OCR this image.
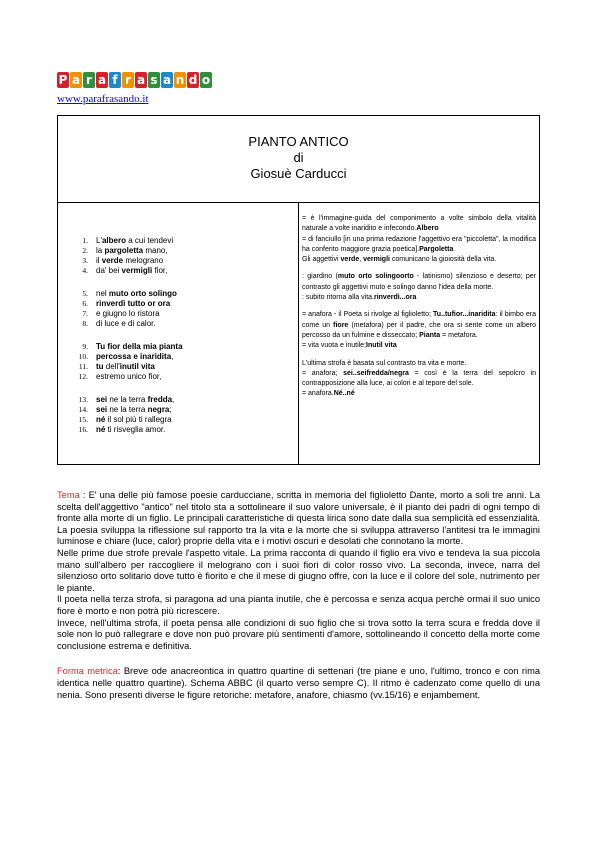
P a r a f r a s a n d o
www.parafrasando.it
PIANTO ANTICO
di
Giosuè Carducci
1.	L'albero a cui tendevi
2.	la pargoletta mano,
3.	il verde melograno
4.	da' bei vermigli fior,
5.	nel muto orto solingo
6.	rinverdì tutto or ora
7.	e giugno lo ristora
8.	di luce e di calor.
9.	Tu fior della mia pianta
10.	percossa e inaridita,
11.	tu dell'inutil vita
12.	estremo unico fior,
13.	sei ne la terra fredda,
14.	sei ne la terra negra;
15.	né il sol più ti rallegra
16.	né ti risveglia amor.

= è l'immagine-guida del componimento a volte simbolo della vitalità naturale a volte inaridito e infecondo.Albero
= di fanciullo [in una prima redazione l'aggettivo era "piccoletta", la modifica ha conferito maggiore grazia poetica].Pargoletta
Gli aggettivi verde, vermigli comunicano la gioiosità della vita.

: giardino (muto orto solingoorto - latinismo) silenzioso e deserto; per contrasto gli aggettivi muto e solingo danno l'idea della morte.
: subito ritorna alla vita.rinverdì...ora

= anafora - il Poeta si rivolge al figlioletto; Tu..tufior...inaridita: il bimbo era come un fiore (metafora) per il padre, che ora si sente come un albero percosso da un fulmine e disseccato; Pianta = metafora.
= vita vuota e inutile;Inutil vita

L'ultima strofa è basata sul contrasto tra vita e morte.
= anafora; sei..seifredda/negra = così è la terra del sepolcro in contrapposizione alla luce, ai colori e al tepore del sole.
= anafora.Né..né

Tema : E' una delle più famose poesie carducciane, scritta in memoria del figlioletto Dante, morto a soli tre anni. La scelta dell'aggettivo "antico" nel titolo sta a sottolineare il suo valore universale, è il pianto dei padri di ogni tempo di fronte alla morte di un figlio. Le principali caratteristiche di questa lirica sono date dalla sua semplicità ed essenzialità. La poesia sviluppa la riflessione sul rapporto tra la vita e la morte che si sviluppa attraverso l'antitesi tra le immagini luminose e chiare (luce, calor) proprie della vita e i motivi oscuri e desolati che connotano la morte.
Nelle prime due strofe prevale l'aspetto vitale. La prima racconta di quando il figlio era vivo e tendeva la sua piccola mano sull'albero per raccogliere il melograno con i suoi fiori di color rosso vivo. La seconda, invece, narra del silenzioso orto solitario dove tutto è fiorito e che il mese di giugno offre, con la luce e il colore del sole, nutrimento per le piante.
Il poeta nella terza strofa, si paragona ad una pianta inutile, che è percossa e senza acqua perchè ormai il suo unico fiore è morto e non potrà più ricrescere.
Invece, nell'ultima strofa, il poeta pensa alle condizioni di suo figlio che si trova sotto la terra scura e fredda dove il sole non lo può rallegrare e dove non può provare più sentimenti d'amore, sottolineando il concetto della morte come conclusione estrema e definitiva.

Forma metrica: Breve ode anacreontica in quattro quartine di settenari (tre piane e uno, l'ultimo, tronco e con rima identica nelle quattro quartine). Schema ABBC (il quarto verso sempre C). Il ritmo è cadenzato come quello di una nenia. Sono presenti diverse le figure retoriche: metafore, anafore, chiasmo (vv.15/16) e enjambement.
